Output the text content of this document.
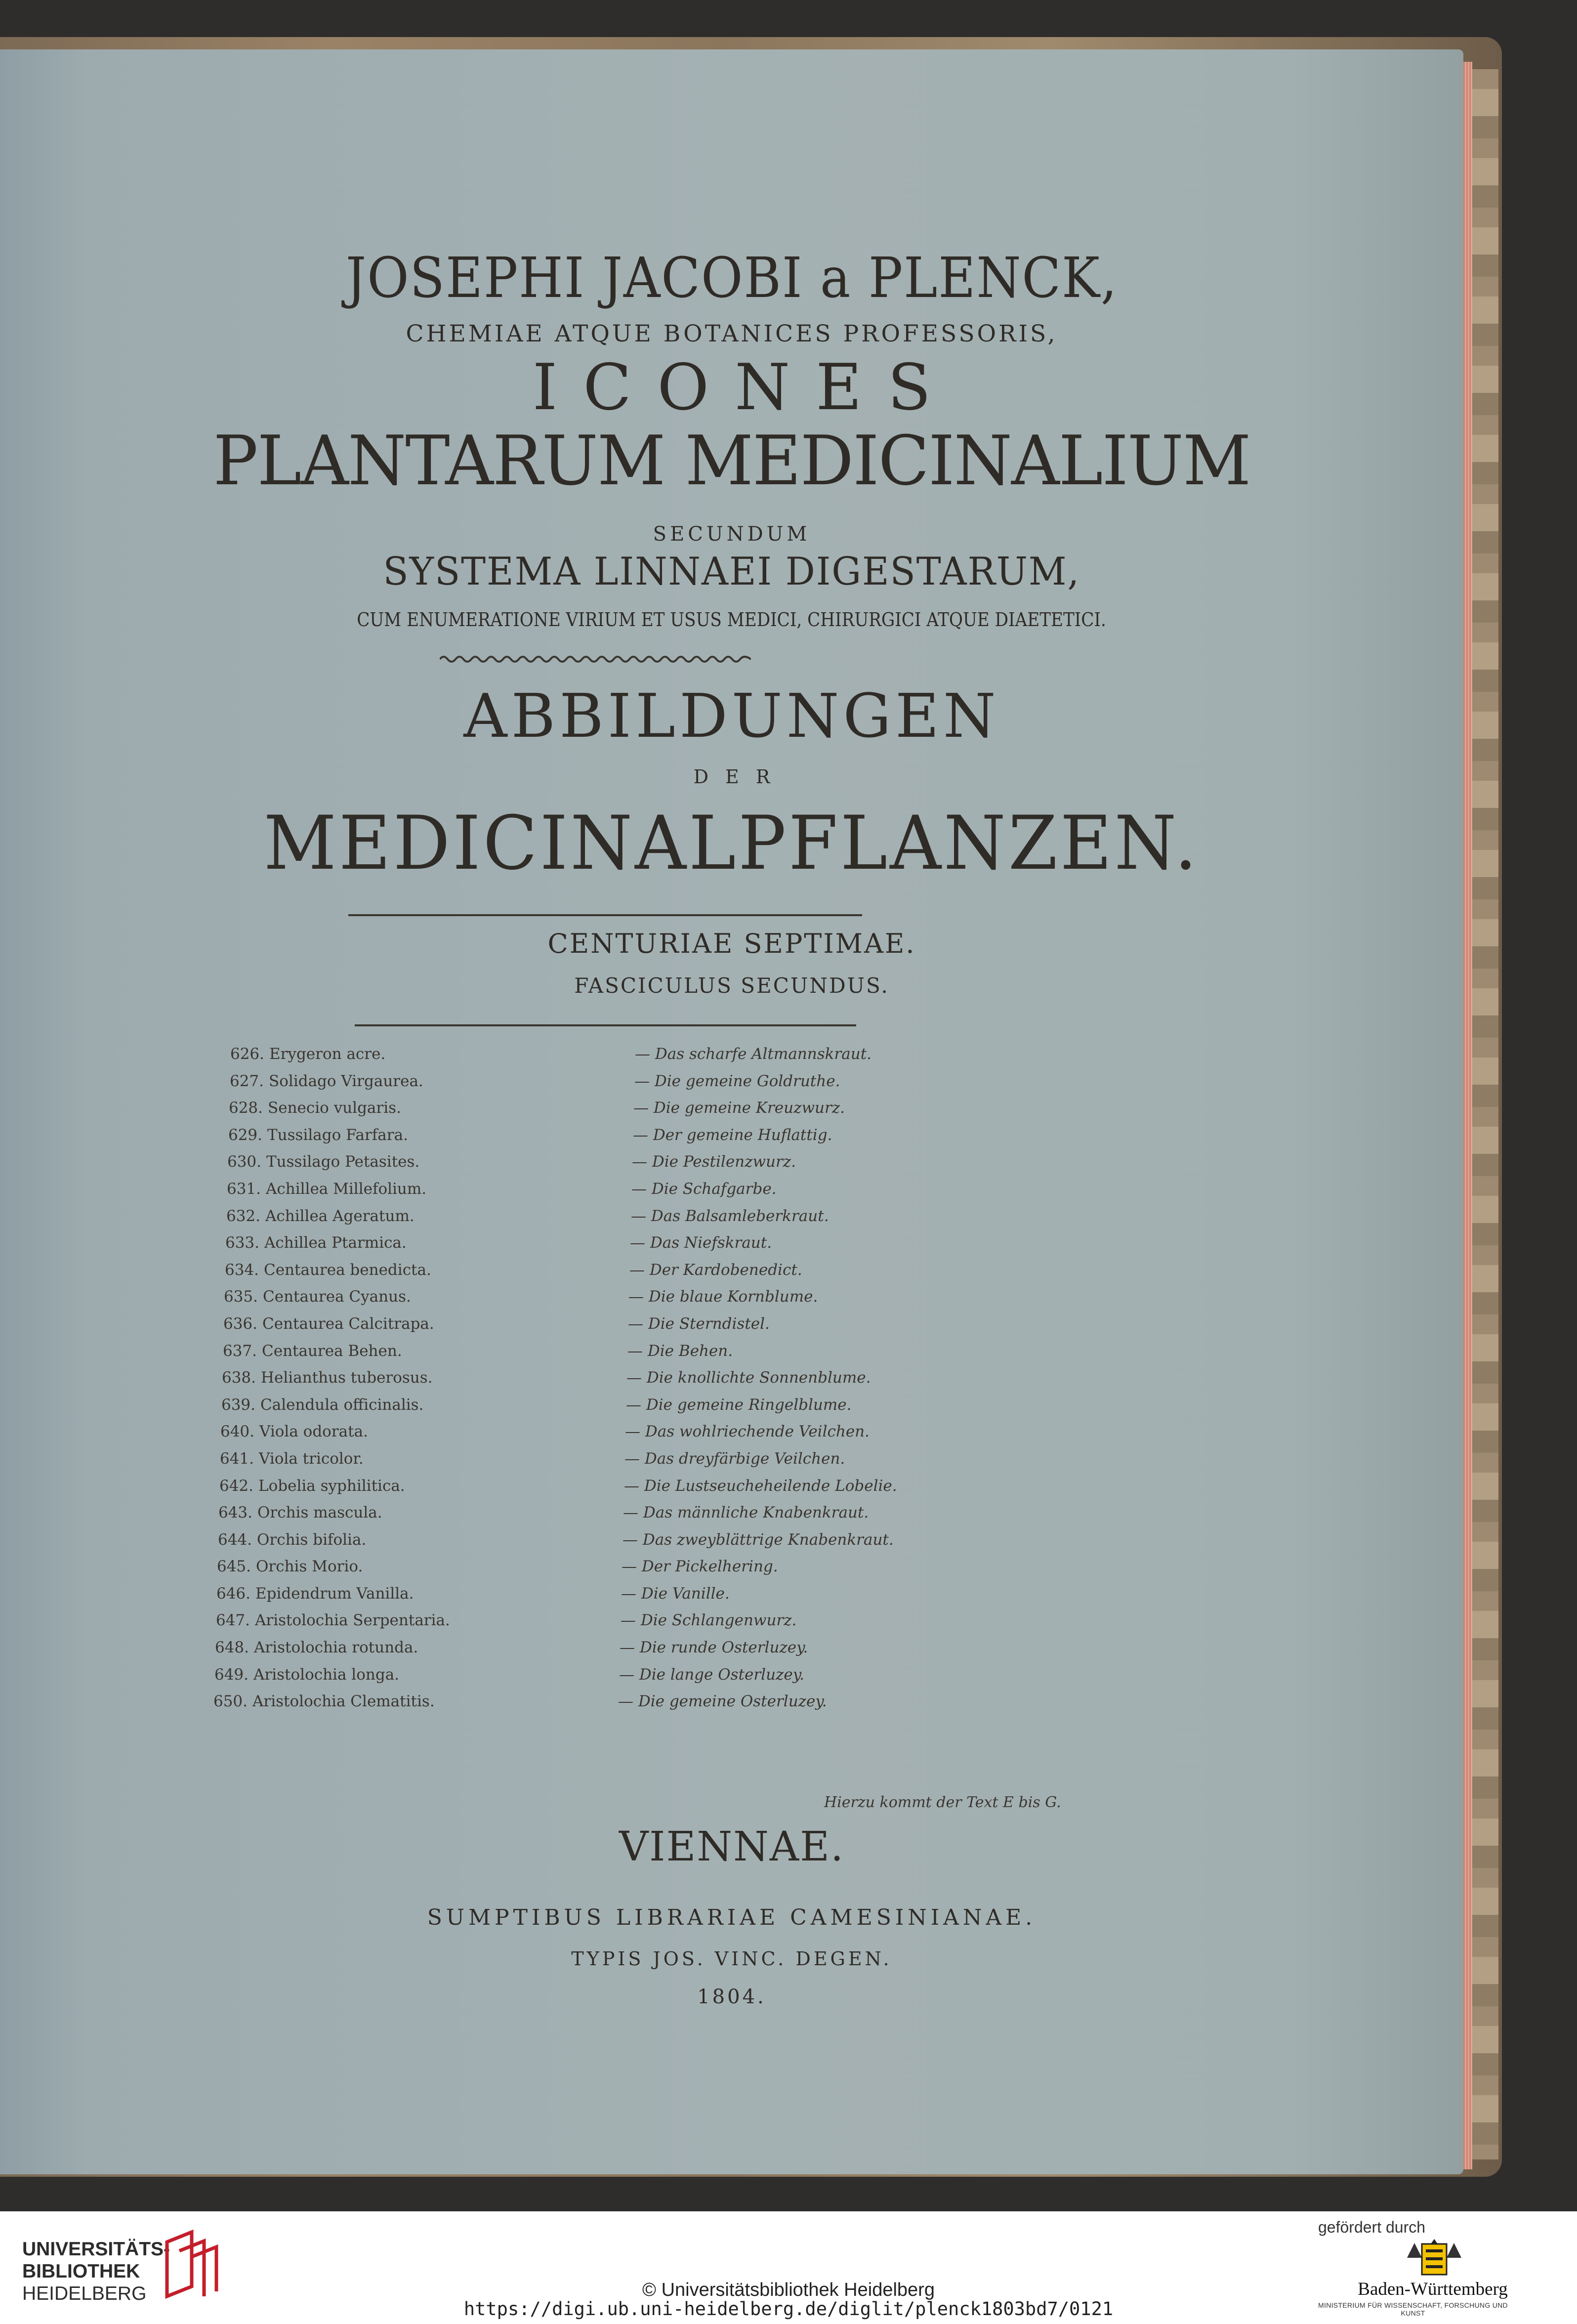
JOSEPHI JACOBI a PLENCK,
CHEMIAE ATQUE BOTANICES PROFESSORIS,
ICONES
PLANTARUM MEDICINALIUM
SECUNDUM
SYSTEMA LINNAEI DIGESTARUM,
CUM ENUMERATIONE VIRIUM ET USUS MEDICI, CHIRURGICI ATQUE DIAETETICI.
ABBILDUNGEN
DER
MEDICINALPFLANZEN.
CENTURIAE SEPTIMAE.
FASCICULUS SECUNDUS.
626. Erygeron acre.	— Das scharfe Altmannskraut.
627. Solidago Virgaurea.	— Die gemeine Goldruthe.
628. Senecio vulgaris.	— Die gemeine Kreuzwurz.
629. Tussilago Farfara.	— Der gemeine Huflattig.
630. Tussilago Petasites.	— Die Pestilenzwurz.
631. Achillea Millefolium.	— Die Schafgarbe.
632. Achillea Ageratum.	— Das Balsamleberkraut.
633. Achillea Ptarmica.	— Das Niefskraut.
634. Centaurea benedicta.	— Der Kardobenedict.
635. Centaurea Cyanus.	— Die blaue Kornblume.
636. Centaurea Calcitrapa.	— Die Sterndistel.
637. Centaurea Behen.	— Die Behen.
638. Helianthus tuberosus.	— Die knollichte Sonnenblume.
639. Calendula officinalis.	— Die gemeine Ringelblume.
640. Viola odorata.	— Das wohlriechende Veilchen.
641. Viola tricolor.	— Das dreyfärbige Veilchen.
642. Lobelia syphilitica.	— Die Lustseucheheilende Lobelie.
643. Orchis mascula.	— Das männliche Knabenkraut.
644. Orchis bifolia.	— Das zweyblättrige Knabenkraut.
645. Orchis Morio.	— Der Pickelhering.
646. Epidendrum Vanilla.	— Die Vanille.
647. Aristolochia Serpentaria.	— Die Schlangenwurz.
648. Aristolochia rotunda.	— Die runde Osterluzey.
649. Aristolochia longa.	— Die lange Osterluzey.
650. Aristolochia Clematitis.	— Die gemeine Osterluzey.
Hierzu kommt der Text E bis G.
VIENNAE.
SUMPTIBUS LIBRARIAE CAMESINIANAE.
TYPIS JOS. VINC. DEGEN.
1804.
UNIVERSITÄTS-
BIBLIOTHEK
HEIDELBERG	© Universitätsbibliothek Heidelberg
https://digi.ub.uni-heidelberg.de/diglit/plenck1803bd7/0121
gefördert durch
Baden-Württemberg
MINISTERIUM FÜR WISSENSCHAFT, FORSCHUNG UND KUNST
